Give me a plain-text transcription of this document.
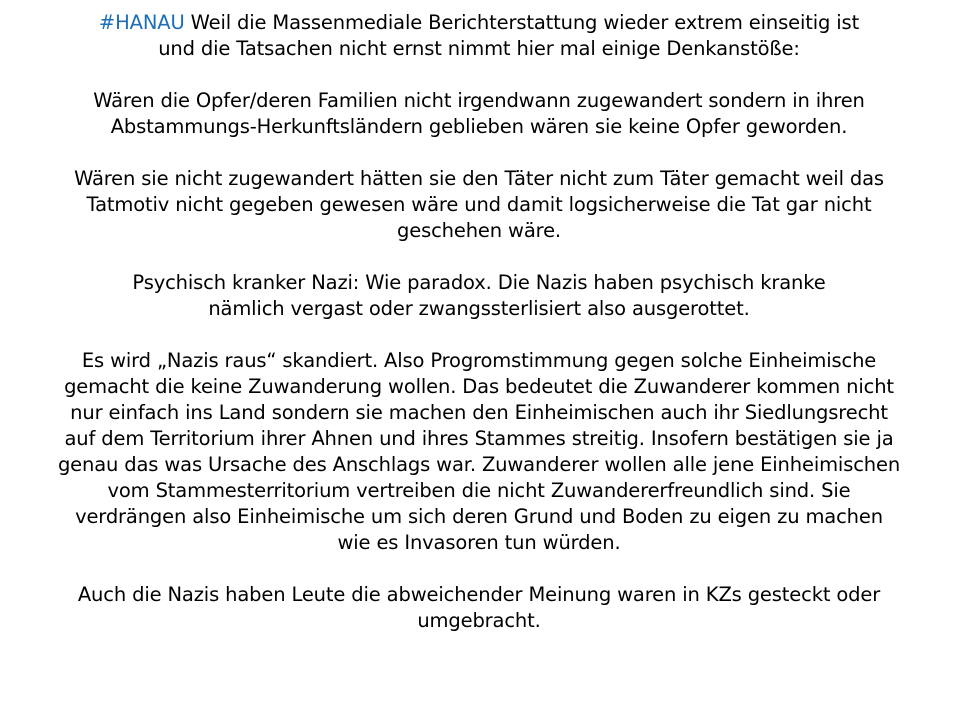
#HANAU Weil die Massenmediale Berichterstattung wieder extrem einseitig ist
und die Tatsachen nicht ernst nimmt hier mal einige Denkanstöße:

Wären die Opfer/deren Familien nicht irgendwann zugewandert sondern in ihren
Abstammungs-Herkunftsländern geblieben wären sie keine Opfer geworden.

Wären sie nicht zugewandert hätten sie den Täter nicht zum Täter gemacht weil das
Tatmotiv nicht gegeben gewesen wäre und damit logsicherweise die Tat gar nicht
geschehen wäre.

Psychisch kranker Nazi: Wie paradox. Die Nazis haben psychisch kranke
nämlich vergast oder zwangssterlisiert also ausgerottet.

Es wird „Nazis raus“ skandiert. Also Progromstimmung gegen solche Einheimische
gemacht die keine Zuwanderung wollen. Das bedeutet die Zuwanderer kommen nicht
nur einfach ins Land sondern sie machen den Einheimischen auch ihr Siedlungsrecht
auf dem Territorium ihrer Ahnen und ihres Stammes streitig. Insofern bestätigen sie ja
genau das was Ursache des Anschlags war. Zuwanderer wollen alle jene Einheimischen
vom Stammesterritorium vertreiben die nicht Zuwandererfreundlich sind. Sie
verdrängen also Einheimische um sich deren Grund und Boden zu eigen zu machen
wie es Invasoren tun würden.

Auch die Nazis haben Leute die abweichender Meinung waren in KZs gesteckt oder
umgebracht.
